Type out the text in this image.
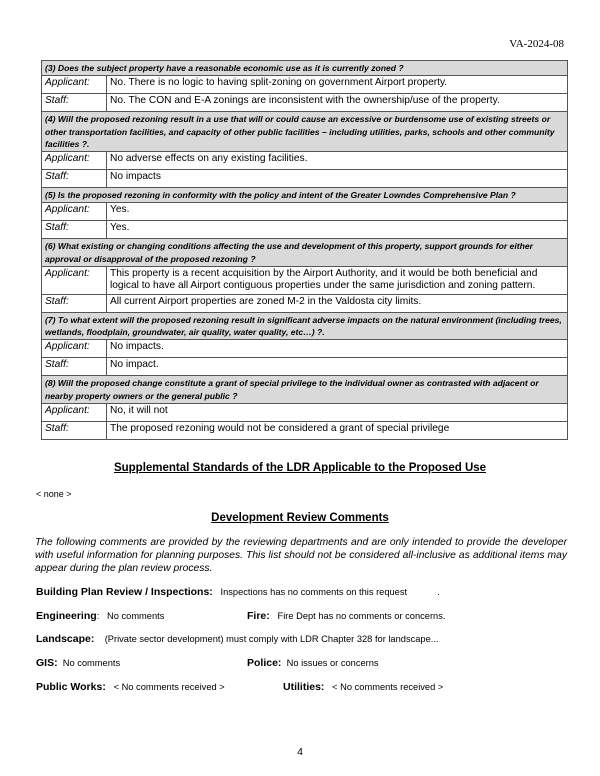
VA-2024-08
(3) Does the subject property have a reasonable economic use as it is currently zoned ?	
Applicant:	No. There is no logic to having split-zoning on government Airport property.
Staff:	No. The CON and E-A zonings are inconsistent with the ownership/use of the property.
(4) Will the proposed rezoning result in a use that will or could cause an excessive or burdensome use of existing streets or other transportation facilities, and capacity of other public facilities – including utilities, parks, schools and other community facilities ?.	
Applicant:	No adverse effects on any existing facilities.
Staff:	No impacts
(5) Is the proposed rezoning in conformity with the policy and intent of the Greater Lowndes Comprehensive Plan ?	
Applicant:	Yes.
Staff:	Yes.
(6) What existing or changing conditions affecting the use and development of this property, support grounds for either approval or disapproval of the proposed rezoning ?	
Applicant:	This property is a recent acquisition by the Airport Authority, and it would be both beneficial and logical to have all Airport contiguous properties under the same jurisdiction and zoning pattern.
Staff:	All current Airport properties are zoned M-2 in the Valdosta city limits.
(7) To what extent will the proposed rezoning result in significant adverse impacts on the natural environment (including trees, wetlands, floodplain, groundwater, air quality, water quality, etc…) ?.	
Applicant:	No impacts.
Staff:	No impact.
(8) Will the proposed change constitute a grant of special privilege to the individual owner as contrasted with adjacent or nearby property owners or the general public ?	
Applicant:	No, it will not
Staff:	The proposed rezoning would not be considered a grant of special privilege
Supplemental Standards of the LDR Applicable to the Proposed Use
< none >
Development Review Comments
The following comments are provided by the reviewing departments and are only intended to provide the developer with useful information for planning purposes. This list should not be considered all-inclusive as additional items may appear during the plan review process.
Building Plan Review / Inspections: Inspections has no comments on this request	.
Engineering: No comments	Fire: Fire Dept has no comments or concerns.
Landscape: (Private sector development) must comply with LDR Chapter 328 for landscape...
GIS: No comments	Police: No issues or concerns
Public Works: < No comments received >	Utilities: < No comments received >
4
